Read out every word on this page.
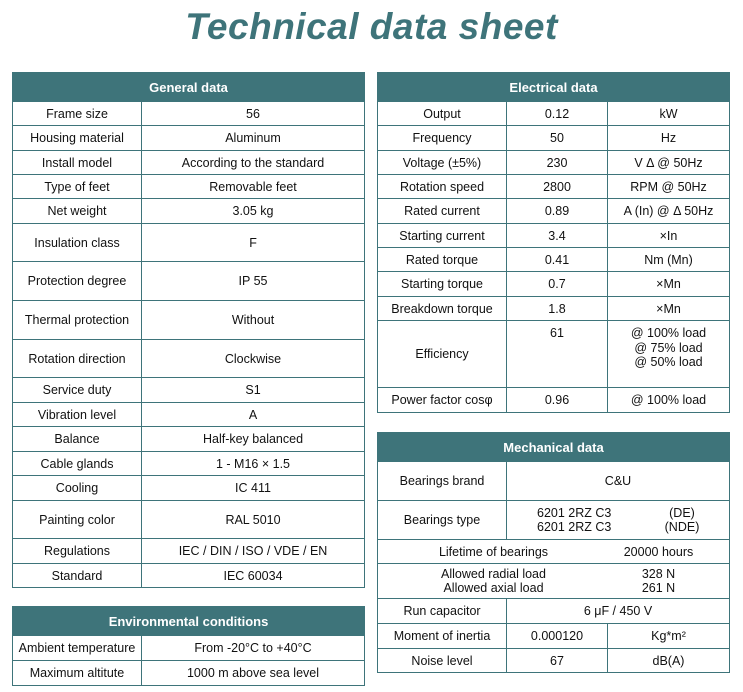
Technical data sheet
General data	
Frame size	56
Housing material	Aluminum
Install model	According to the standard
Type of feet	Removable feet
Net weight	3.05 kg
Insulation class	F
Protection degree	IP 55
Thermal protection	Without
Rotation direction	Clockwise
Service duty	S1
Vibration level	A
Balance	Half-key balanced
Cable glands	1 - M16 × 1.5
Cooling	IC 411
Painting color	RAL 5010
Regulations	IEC / DIN / ISO / VDE / EN
Standard	IEC 60034
Environmental conditions	
Ambient temperature	From -20°C to +40°C
Maximum altitute	1000 m above sea level
Electrical data		
Output	0.12	kW
Frequency	50	Hz
Voltage (±5%)	230	V Δ @ 50Hz
Rotation speed	2800	RPM @ 50Hz
Rated current	0.89	A (In) @ Δ 50Hz
Starting current	3.4	×In
Rated torque	0.41	Nm (Mn)
Starting torque	0.7	×Mn
Breakdown torque	1.8	×Mn
Efficiency	61	@ 100% load
@ 75% load
@ 50% load

Power factor cosφ	0.96	@ 100% load
Mechanical data		
Bearings brand	C&U	
Bearings type	6201 2RZ C3 (DE)
6201 2RZ C3 (NDE)	

Lifetime of bearings 20000 hours		

Allowed radial load 328 N
Allowed axial load 261 N		

Run capacitor	6 μF / 450 V	
Moment of inertia	0.000120	Kg*m²
Noise level	67	dB(A)
